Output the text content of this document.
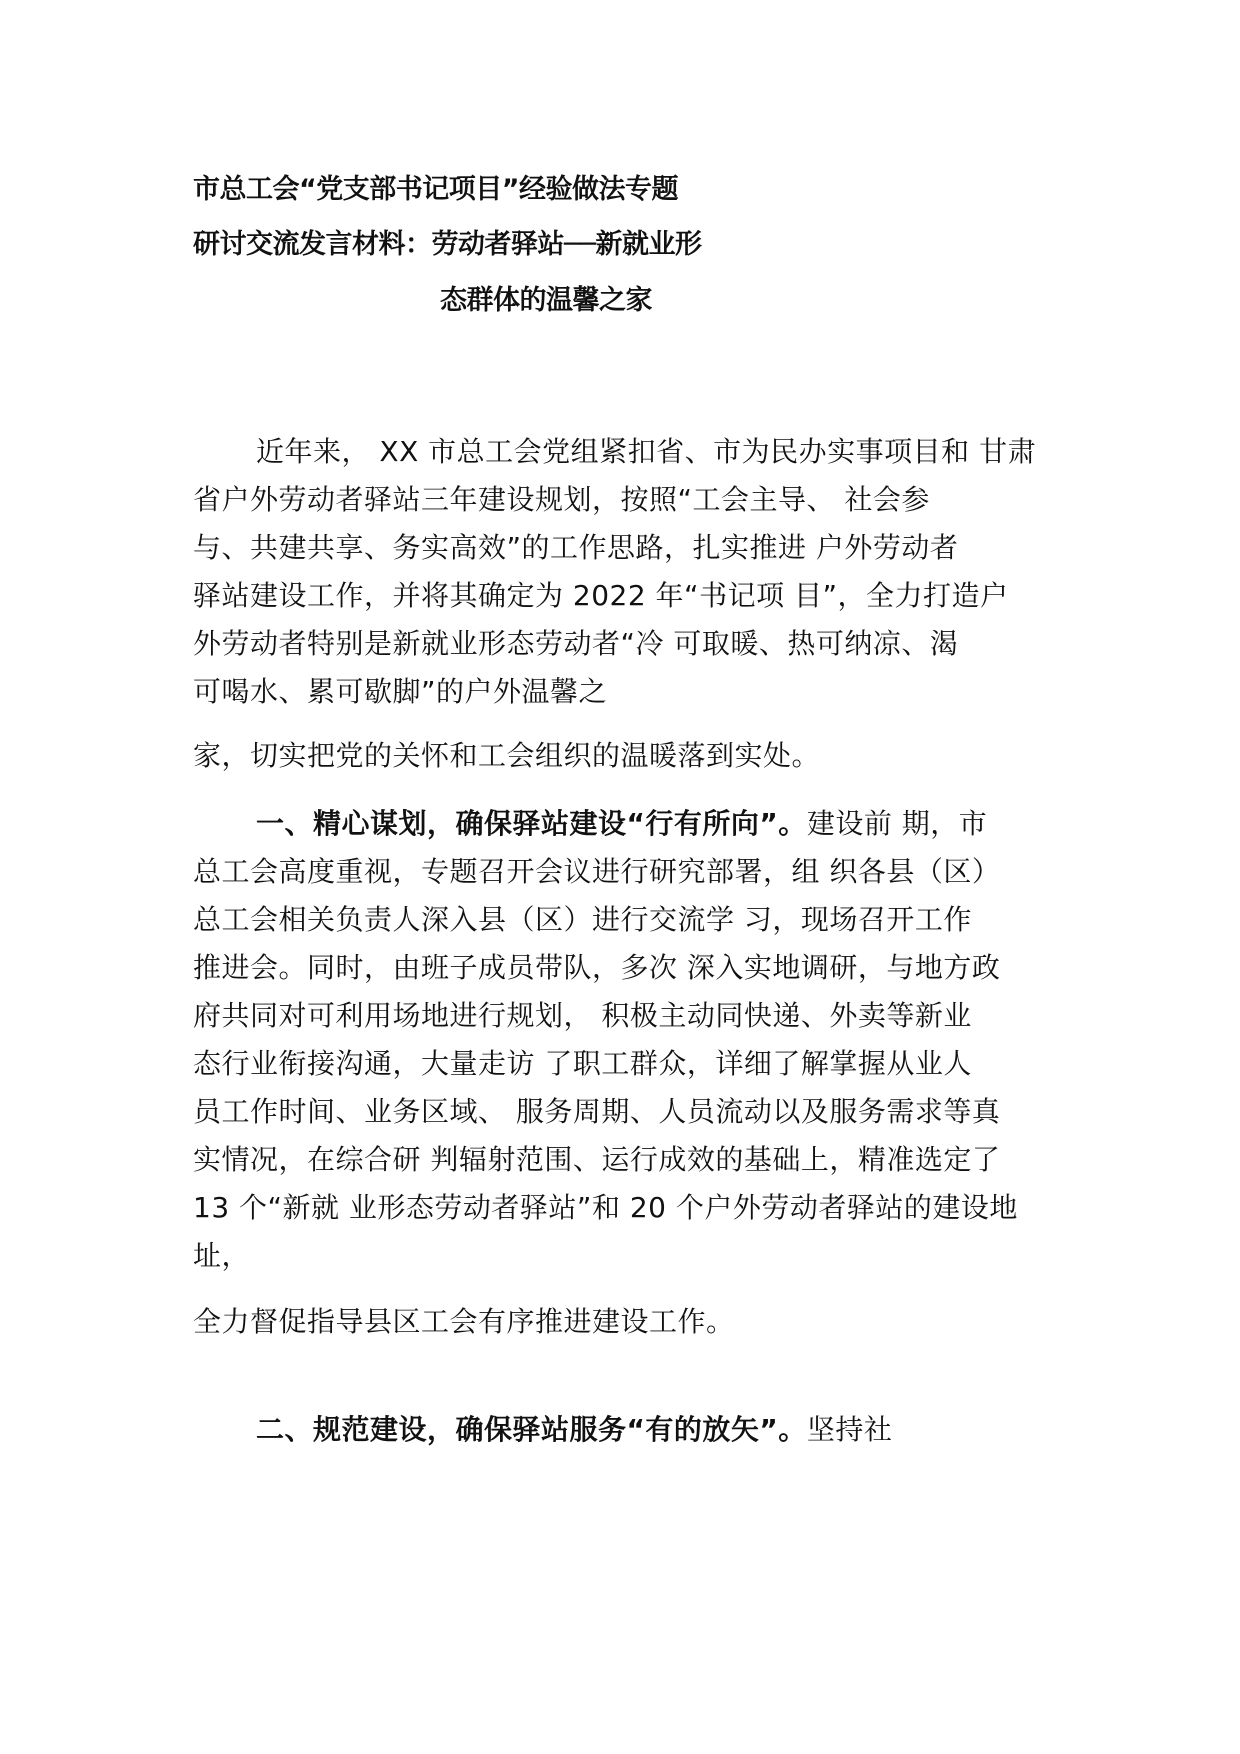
市总工会“党支部书记项目”经验做法专题
研讨交流发言材料：劳动者驿站──新就业形
态群体的温馨之家
近年来， XX 市总工会党组紧扣省、市为民办实事项目和 甘肃
省户外劳动者驿站三年建设规划，按照“工会主导、 社会参
与、共建共享、务实高效”的工作思路，扎实推进 户外劳动者
驿站建设工作，并将其确定为 2022 年“书记项 目”，全力打造户
外劳动者特别是新就业形态劳动者“冷 可取暖、热可纳凉、渴
可喝水、累可歇脚”的户外温馨之
家，切实把党的关怀和工会组织的温暖落到实处。
一、精心谋划，确保驿站建设“行有所向”。建设前 期，市
总工会高度重视，专题召开会议进行研究部署，组 织各县（区）
总工会相关负责人深入县（区）进行交流学 习，现场召开工作
推进会。同时，由班子成员带队，多次 深入实地调研，与地方政
府共同对可利用场地进行规划， 积极主动同快递、外卖等新业
态行业衔接沟通，大量走访 了职工群众，详细了解掌握从业人
员工作时间、业务区域、 服务周期、人员流动以及服务需求等真
实情况，在综合研 判辐射范围、运行成效的基础上，精准选定了
13 个“新就 业形态劳动者驿站”和 20 个户外劳动者驿站的建设地
址，
全力督促指导县区工会有序推进建设工作。
二、规范建设，确保驿站服务“有的放矢”。坚持社
